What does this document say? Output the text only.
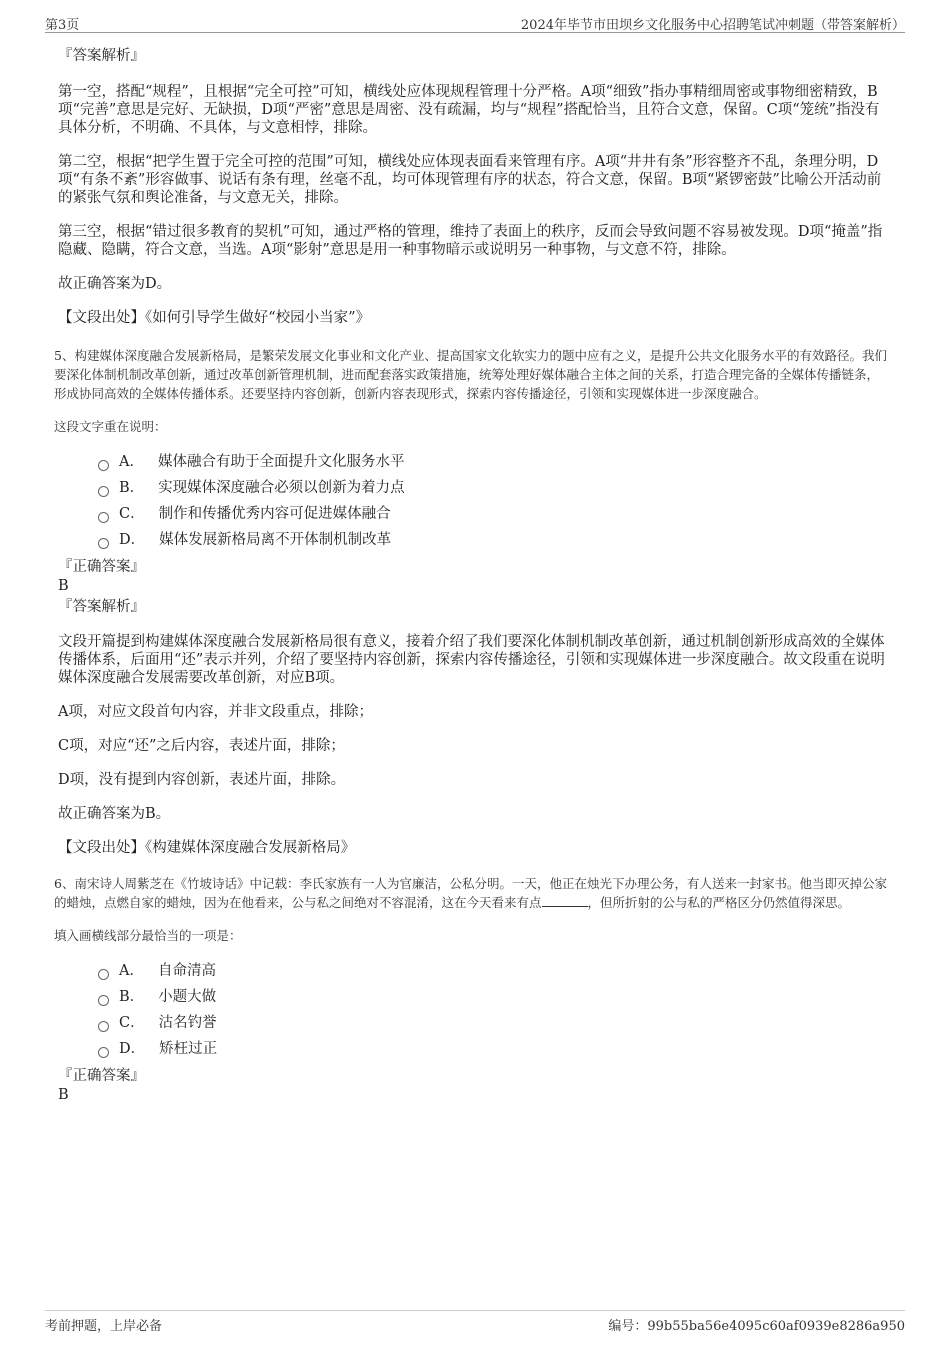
第3页	2024年毕节市田坝乡文化服务中心招聘笔试冲刺题（带答案解析）

『答案解析』

第一空，搭配“规程”，且根据“完全可控”可知，横线处应体现规程管理十分严格。A项“细致”指办事精细周密或事物细密精致，B项“完善”意思是完好、无缺损，D项“严密”意思是周密、没有疏漏，均与“规程”搭配恰当，且符合文意，保留。C项“笼统”指没有具体分析，不明确、不具体，与文意相悖，排除。

第二空，根据“把学生置于完全可控的范围”可知，横线处应体现表面看来管理有序。A项“井井有条”形容整齐不乱，条理分明，D项“有条不紊”形容做事、说话有条有理，丝毫不乱，均可体现管理有序的状态，符合文意，保留。B项“紧锣密鼓”比喻公开活动前的紧张气氛和舆论准备，与文意无关，排除。

第三空，根据“错过很多教育的契机”可知，通过严格的管理，维持了表面上的秩序，反而会导致问题不容易被发现。D项“掩盖”指隐藏、隐瞒，符合文意，当选。A项“影射”意思是用一种事物暗示或说明另一种事物，与文意不符，排除。

故正确答案为D。

【文段出处】《如何引导学生做好“校园小当家”》

5、构建媒体深度融合发展新格局，是繁荣发展文化事业和文化产业、提高国家文化软实力的题中应有之义，是提升公共文化服务水平的有效路径。我们要深化体制机制改革创新，通过改革创新管理机制，进而配套落实政策措施，统筹处理好媒体融合主体之间的关系，打造合理完备的全媒体传播链条，形成协同高效的全媒体传播体系。还要坚持内容创新，创新内容表现形式，探索内容传播途径，引领和实现媒体进一步深度融合。

这段文字重在说明：

A． 媒体融合有助于全面提升文化服务水平
B． 实现媒体深度融合必须以创新为着力点
C． 制作和传播优秀内容可促进媒体融合
D． 媒体发展新格局离不开体制机制改革

『正确答案』

B

『答案解析』

文段开篇提到构建媒体深度融合发展新格局很有意义，接着介绍了我们要深化体制机制改革创新，通过机制创新形成高效的全媒体传播体系，后面用“还”表示并列，介绍了要坚持内容创新，探索内容传播途径，引领和实现媒体进一步深度融合。故文段重在说明媒体深度融合发展需要改革创新，对应B项。

A项，对应文段首句内容，并非文段重点，排除；

C项，对应“还”之后内容，表述片面，排除；

D项，没有提到内容创新，表述片面，排除。

故正确答案为B。

【文段出处】《构建媒体深度融合发展新格局》

6、南宋诗人周紫芝在《竹坡诗话》中记载：李氏家族有一人为官廉洁，公私分明。一天，他正在烛光下办理公务，有人送来一封家书。他当即灭掉公家的蜡烛，点燃自家的蜡烛，因为在他看来，公与私之间绝对不容混淆，这在今天看来有点	，但所折射的公与私的严格区分仍然值得深思。

填入画横线部分最恰当的一项是：

A． 自命清高
B． 小题大做
C． 沽名钓誉
D． 矫枉过正

『正确答案』

B

考前押题，上岸必备	编号：99b55ba56e4095c60af0939e8286a950
